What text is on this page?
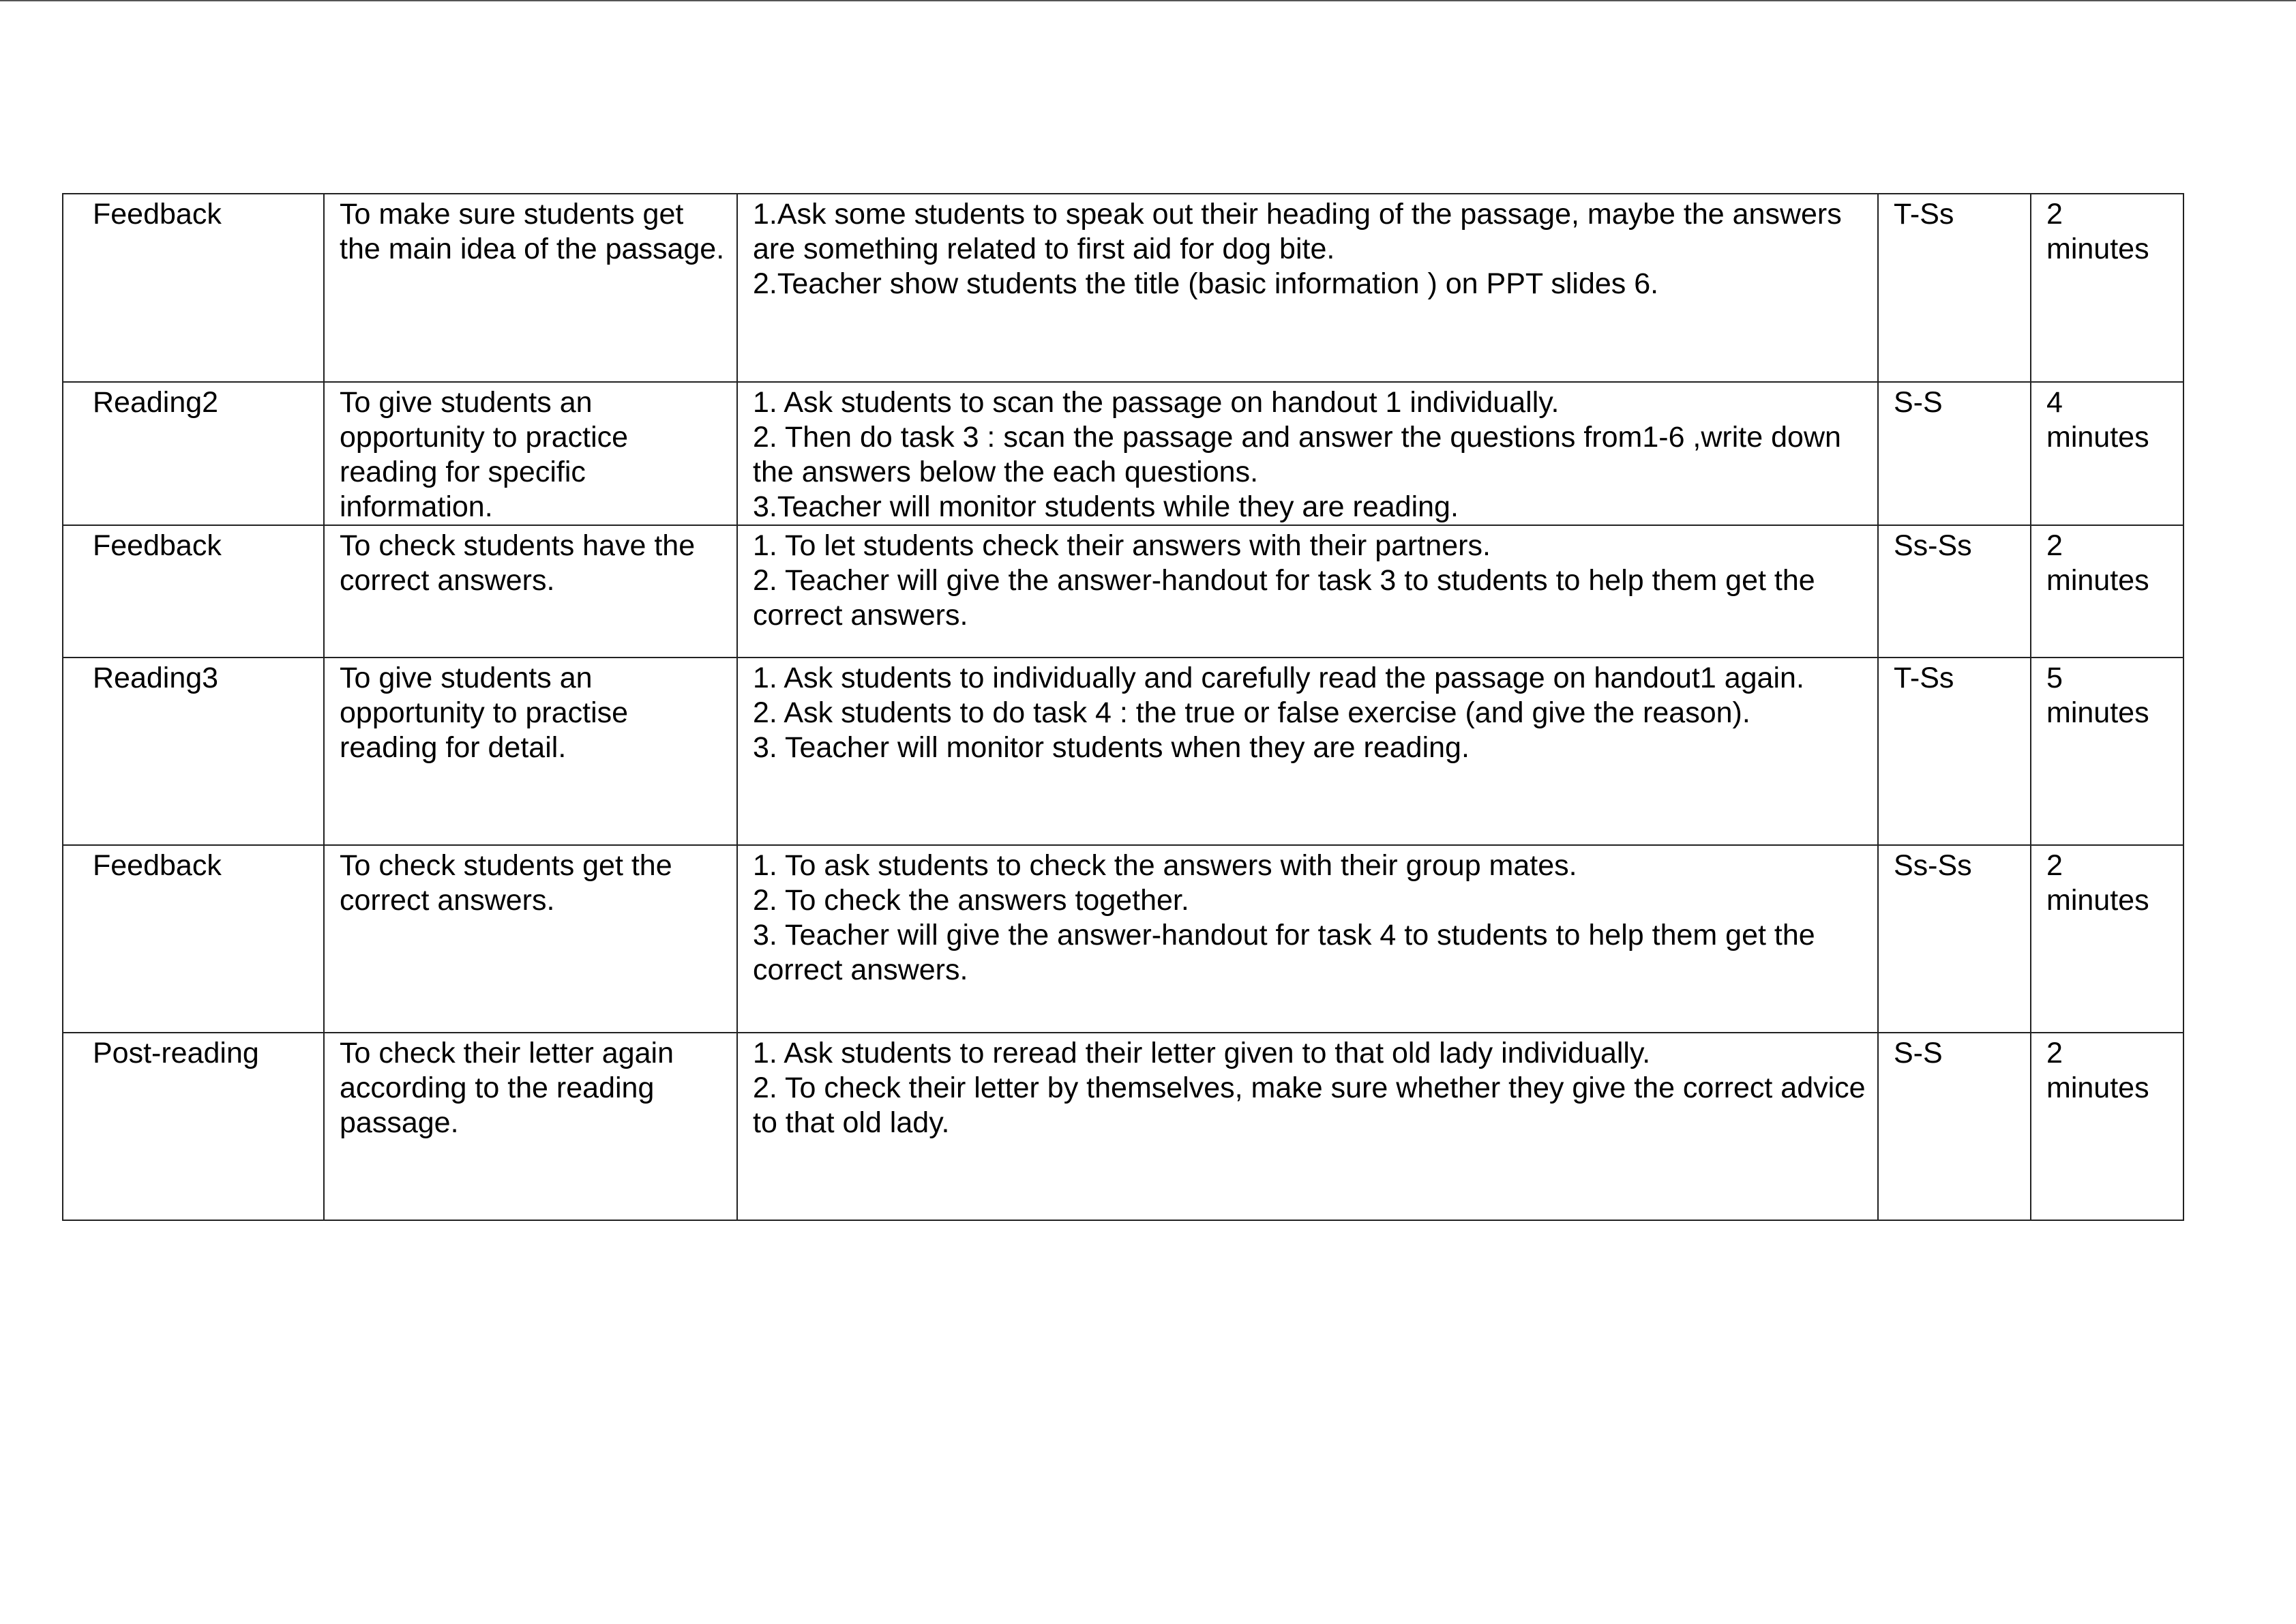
Feedback	To make sure students get the main idea of the passage.	1.Ask some students to speak out their heading of the passage, maybe the answers are something related to first aid for dog bite.
2.Teacher show students the title (basic information ) on PPT slides 6.	T-Ss	2
minutes

Reading2	To give students an opportunity to practice reading for specific information.	1. Ask students to scan the passage on handout 1 individually.
2. Then do task 3 : scan the passage and answer the questions from1-6 ,write down the answers below the each questions.
3.Teacher will monitor students while they are reading.	S-S	4
minutes

Feedback	To check students have the correct answers.	1. To let students check their answers with their partners.
2. Teacher will give the answer-handout for task 3 to students to help them get the correct answers.	Ss-Ss	2
minutes

Reading3	To give students an opportunity to practise reading for detail.	1. Ask students to individually and carefully read the passage on handout1 again.
2. Ask students to do task 4 : the true or false exercise (and give the reason).
3. Teacher will monitor students when they are reading.	T-Ss	5
minutes

Feedback	To check students get the correct answers.	1. To ask students to check the answers with their group mates.
2. To check the answers together.
3. Teacher will give the answer-handout for task 4 to students to help them get the correct answers.	Ss-Ss	2
minutes

Post-reading	To check their letter again according to the reading passage.	1. Ask students to reread their letter given to that old lady individually.
2. To check their letter by themselves, make sure whether they give the correct advice to that old lady.	S-S	2
minutes
